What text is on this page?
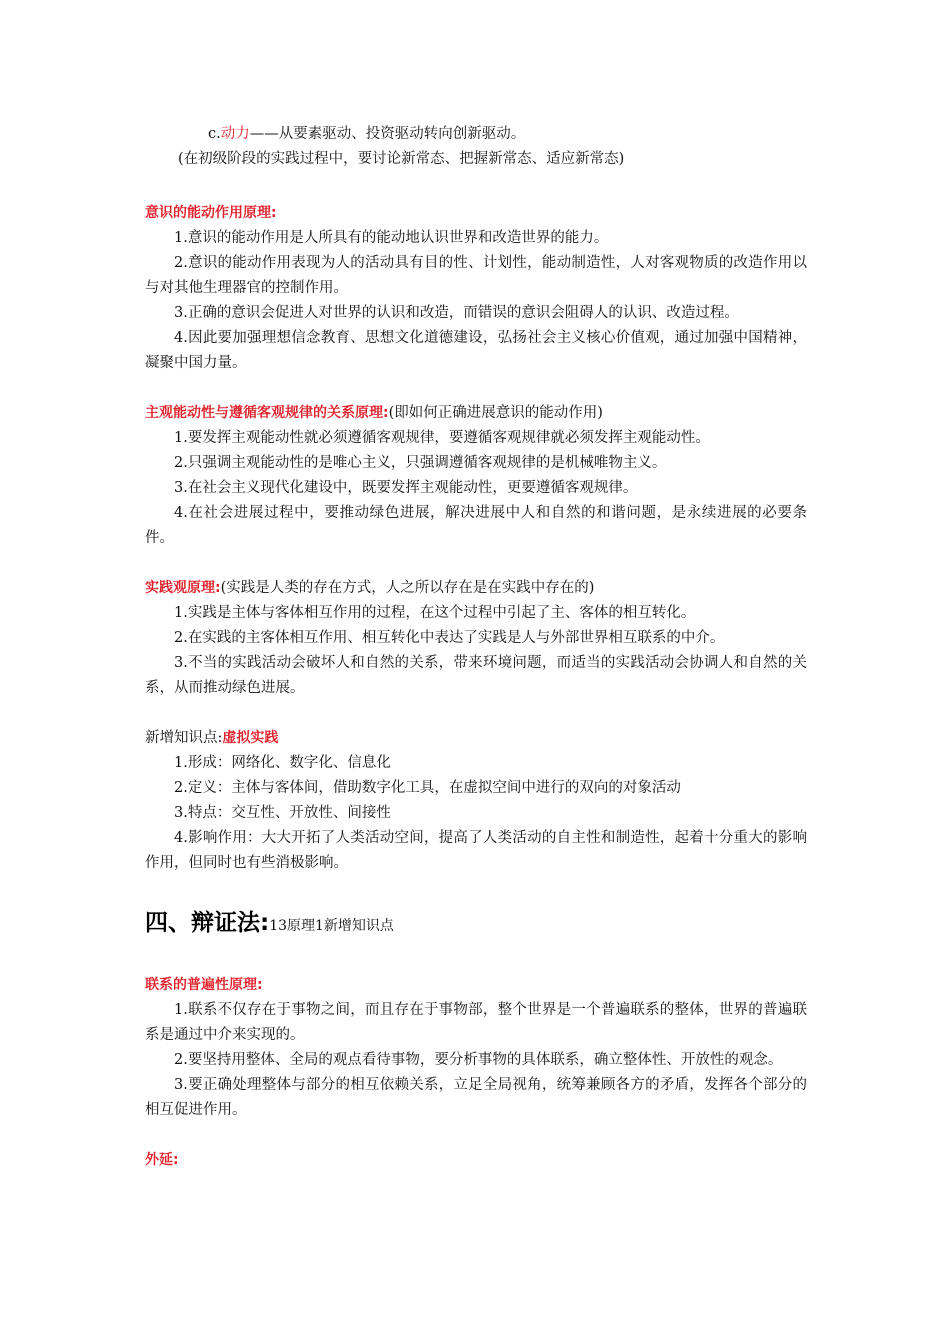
c.动力——从要素驱动、投资驱动转向创新驱动。
(在初级阶段的实践过程中，要讨论新常态、把握新常态、适应新常态)
意识的能动作用原理:
1.意识的能动作用是人所具有的能动地认识世界和改造世界的能力。
2.意识的能动作用表现为人的活动具有目的性、计划性，能动制造性，人对客观物质的改造作用以与对其他生理器官的控制作用。
3.正确的意识会促进人对世界的认识和改造，而错误的意识会阻碍人的认识、改造过程。
4.因此要加强理想信念教育、思想文化道德建设，弘扬社会主义核心价值观，通过加强中国精神，凝聚中国力量。
主观能动性与遵循客观规律的关系原理:(即如何正确进展意识的能动作用)
1.要发挥主观能动性就必须遵循客观规律，要遵循客观规律就必须发挥主观能动性。
2.只强调主观能动性的是唯心主义，只强调遵循客观规律的是机械唯物主义。
3.在社会主义现代化建设中，既要发挥主观能动性，更要遵循客观规律。
4.在社会进展过程中，要推动绿色进展，解决进展中人和自然的和谐问题，是永续进展的必要条件。
实践观原理:(实践是人类的存在方式，人之所以存在是在实践中存在的)
1.实践是主体与客体相互作用的过程，在这个过程中引起了主、客体的相互转化。
2.在实践的主客体相互作用、相互转化中表达了实践是人与外部世界相互联系的中介。
3.不当的实践活动会破坏人和自然的关系，带来环境问题，而适当的实践活动会协调人和自然的关系，从而推动绿色进展。
新增知识点:虚拟实践
1.形成：网络化、数字化、信息化
2.定义：主体与客体间，借助数字化工具，在虚拟空间中进行的双向的对象活动
3.特点：交互性、开放性、间接性
4.影响作用：大大开拓了人类活动空间，提高了人类活动的自主性和制造性，起着十分重大的影响作用，但同时也有些消极影响。
四、辩证法:13原理1新增知识点
联系的普遍性原理:
1.联系不仅存在于事物之间，而且存在于事物部，整个世界是一个普遍联系的整体，世界的普遍联系是通过中介来实现的。
2.要坚持用整体、全局的观点看待事物，要分析事物的具体联系，确立整体性、开放性的观念。
3.要正确处理整体与部分的相互依赖关系，立足全局视角，统筹兼顾各方的矛盾，发挥各个部分的相互促进作用。
外延:
